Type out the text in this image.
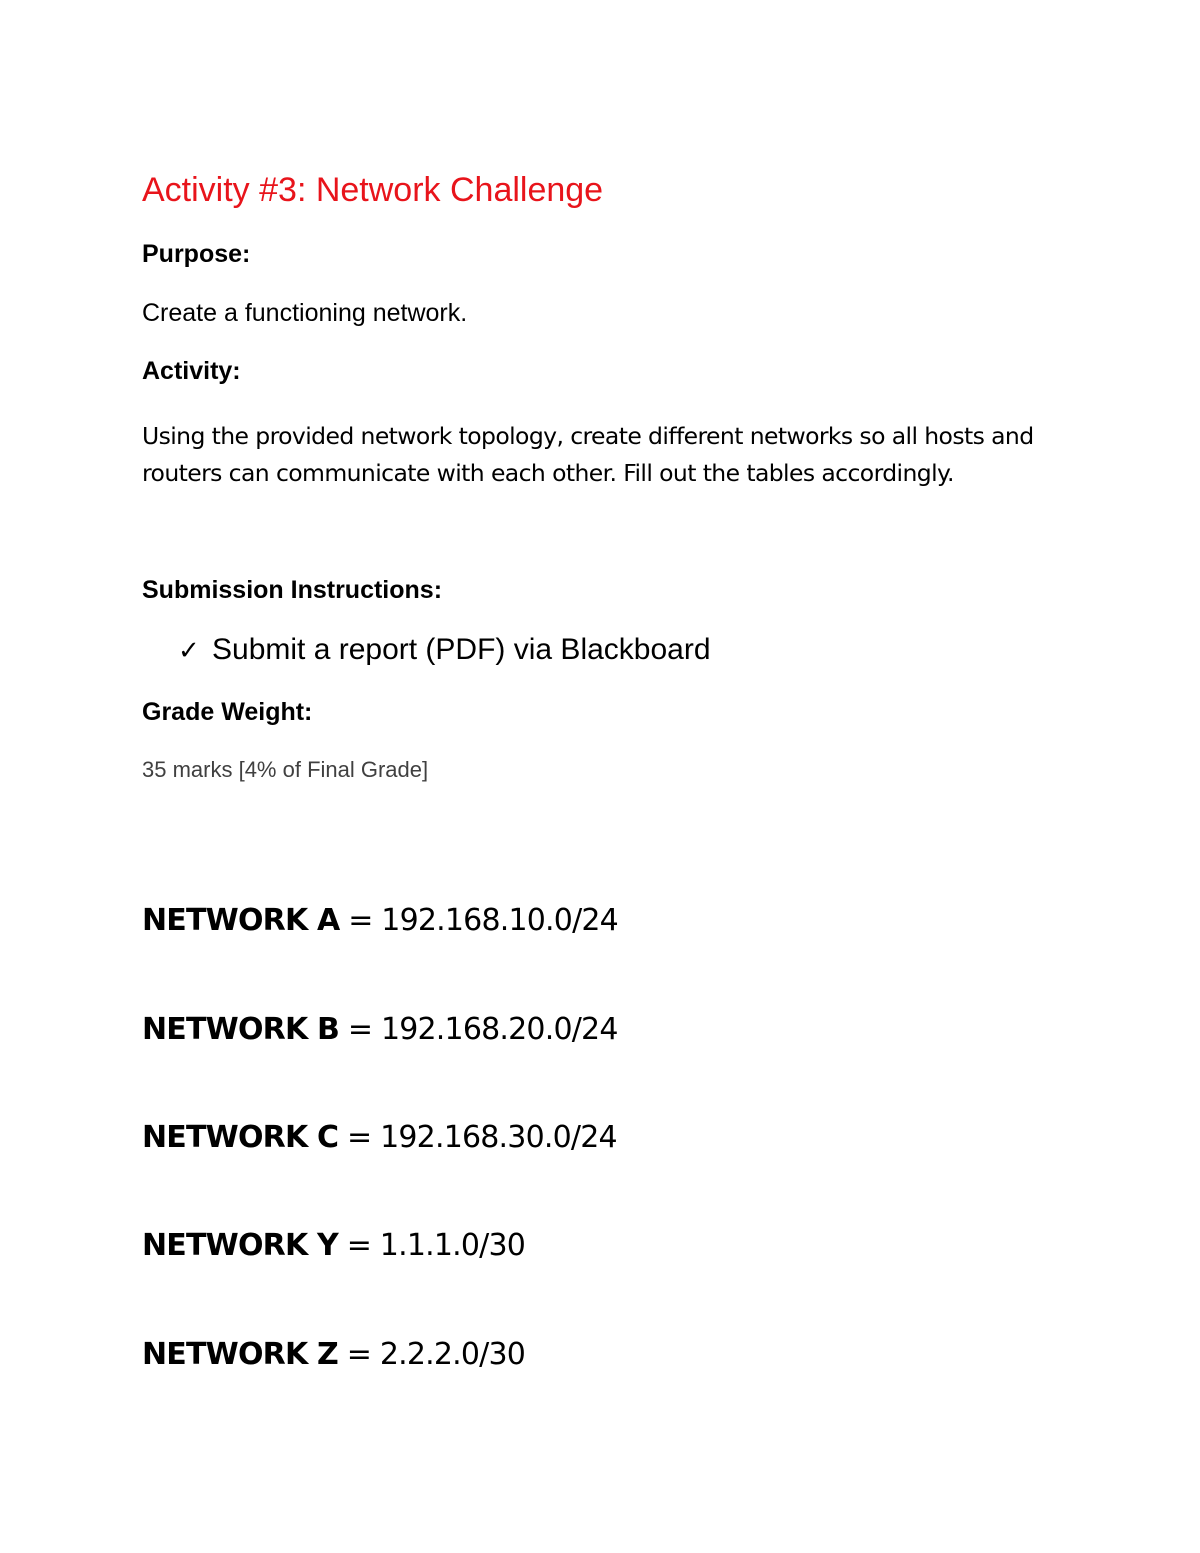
Activity #3: Network Challenge

Purpose:

Create a functioning network.

Activity:

Using the provided network topology, create different networks so all hosts and
routers can communicate with each other. Fill out the tables accordingly.

Submission Instructions:

✓ Submit a report (PDF) via Blackboard

Grade Weight:

35 marks [4% of Final Grade]

NETWORK A = 192.168.10.0/24

NETWORK B = 192.168.20.0/24

NETWORK C = 192.168.30.0/24

NETWORK Y = 1.1.1.0/30

NETWORK Z = 2.2.2.0/30
